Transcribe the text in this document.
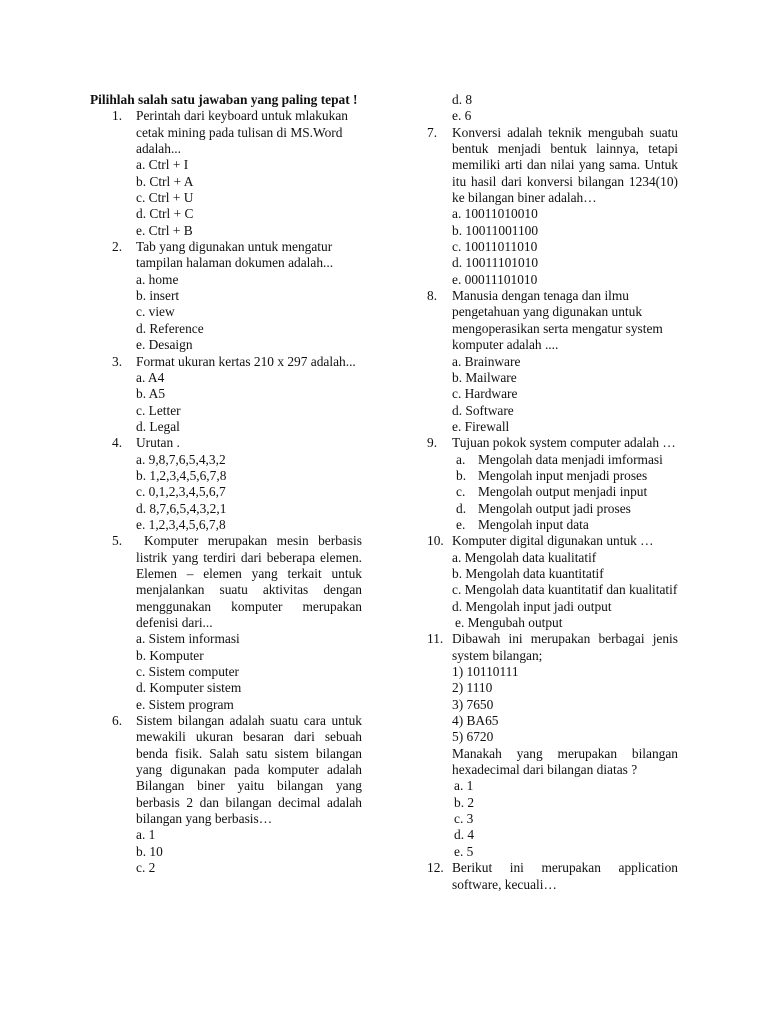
Pilihlah salah satu jawaban yang paling tepat !

1. Perintah dari keyboard untuk mlakukan cetak mining pada tulisan di MS.Word adalah...

a. Ctrl + I

b. Ctrl + A

c. Ctrl + U

d. Ctrl + C

e. Ctrl + B

2. Tab yang digunakan untuk mengatur tampilan halaman dokumen adalah...

a. home

b. insert

c. view

d. Reference

e. Desaign

3. Format ukuran kertas 210 x 297 adalah...

a. A4

b. A5

c. Letter

d. Legal

4. Urutan .

a. 9,8,7,6,5,4,3,2

b. 1,2,3,4,5,6,7,8

c. 0,1,2,3,4,5,6,7

d. 8,7,6,5,4,3,2,1

e. 1,2,3,4,5,6,7,8

5.	Komputer merupakan mesin berbasis listrik yang terdiri dari beberapa elemen. Elemen – elemen yang terkait untuk menjalankan suatu aktivitas dengan menggunakan komputer merupakan defenisi dari...

a. Sistem informasi

b. Komputer

c. Sistem computer

d. Komputer sistem

e. Sistem program

6. Sistem bilangan adalah suatu cara untuk mewakili ukuran besaran dari sebuah benda fisik. Salah satu sistem bilangan yang digunakan pada komputer adalah Bilangan biner yaitu bilangan yang berbasis 2 dan bilangan decimal adalah bilangan yang berbasis…

a. 1

b. 10

c. 2

d. 8

e. 6

7. Konversi adalah teknik mengubah suatu bentuk menjadi bentuk lainnya, tetapi memiliki arti dan nilai yang sama. Untuk itu hasil dari konversi bilangan 1234(10) ke bilangan biner adalah…

a. 10011010010

b. 10011001100

c. 10011011010

d. 10011101010

e. 00011101010

8. Manusia dengan tenaga dan ilmu pengetahuan yang digunakan untuk mengoperasikan serta mengatur system komputer adalah ....

a. Brainware

b. Mailware

c. Hardware

d. Software

e. Firewall

9. Tujuan pokok system computer adalah …

a. Mengolah data menjadi imformasi
b. Mengolah input menjadi proses
c. Mengolah output menjadi input
d. Mengolah output jadi proses
e. Mengolah input data
10. Komputer digital digunakan untuk …

a. Mengolah data kualitatif

b. Mengolah data kuantitatif

c. Mengolah data kuantitatif dan kualitatif

d. Mengolah input jadi output

e. Mengubah output

11. Dibawah ini merupakan berbagai jenis system bilangan;

1) 10110111

2) 1110

3) 7650

4) BA65

5) 6720

Manakah yang merupakan bilangan hexadecimal dari bilangan diatas ?

a. 1

b. 2

c. 3

d. 4

e. 5

12. Berikut ini merupakan application software, kecuali…
